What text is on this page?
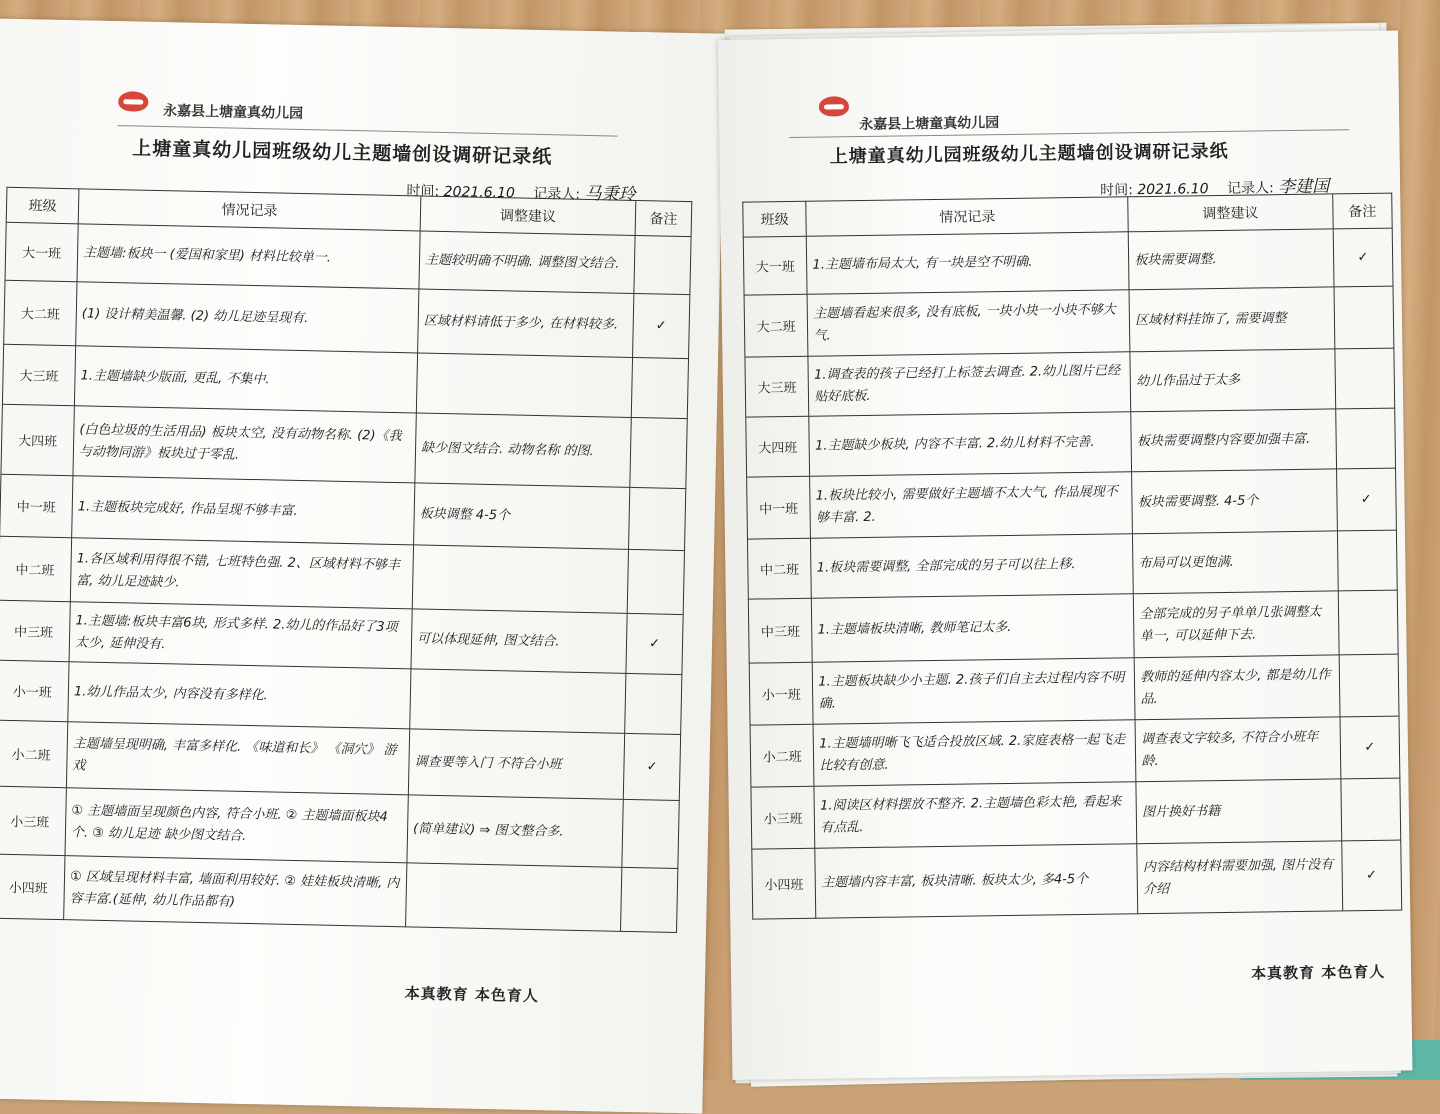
永嘉县上塘童真幼儿园
上塘童真幼儿园班级幼儿主题墙创设调研记录纸
时间: 2021.6.10 记录人: 马秉玲
班级	情况记录	调整建议	备注
大一班	主题墙:板块一 (爱国和家里) 材料比较单一.	主题较明确不明确. 调整图文结合.	
大二班	(1) 设计精美温馨. (2) 幼儿足迹呈现有.	区域材料请低于多少, 在材料较多.	✓
大三班	1.主题墙缺少版面, 更乱, 不集中.		
大四班	(白色垃圾的生活用品) 板块太空, 没有动物名称. (2)《我与动物同游》板块过于零乱.	缺少图文结合. 动物名称 的图.	
中一班	1.主题板块完成好, 作品呈现不够丰富.	板块调整 4-5个	
中二班	1.各区域利用得很不错, 七班特色强. 2、区域材料不够丰富, 幼儿足迹缺少.		
中三班	1.主题墙:板块丰富6块, 形式多样. 2.幼儿的作品好了3项太少, 延伸没有.	可以体现延伸, 图文结合.	✓
小一班	1.幼儿作品太少, 内容没有多样化.		
小二班	主题墙呈现明确, 丰富多样化. 《味道和长》 《洞穴》 游戏	调查要等入门 不符合小班	✓
小三班	① 主题墙面呈现颜色内容, 符合小班. ② 主题墙面板块4个. ③ 幼儿足迹 缺少图文结合.	(简单建议) ⇒ 图文整合多.	
小四班	① 区域呈现材料丰富, 墙面利用较好. ② 娃娃板块清晰, 内容丰富.(延伸, 幼儿作品都有)		
本真教育 本色育人
永嘉县上塘童真幼儿园
上塘童真幼儿园班级幼儿主题墙创设调研记录纸
时间: 2021.6.10 记录人: 李建国
班级	情况记录	调整建议	备注
大一班	1.主题墙布局太大, 有一块是空不明确.	板块需要调整.	✓
大二班	主题墙看起来很多, 没有底板, 一块小块一小块不够大气.	区域材料挂饰了, 需要调整	
大三班	1.调查表的孩子已经打上标签去调查. 2.幼儿图片已经贴好底板.	幼儿作品过于太多	
大四班	1.主题缺少板块, 内容不丰富. 2.幼儿材料不完善.	板块需要调整内容要加强丰富.	
中一班	1.板块比较小, 需要做好主题墙不太大气, 作品展现不够丰富. 2.	板块需要调整. 4-5个	✓
中二班	1.板块需要调整, 全部完成的另子可以往上移.	布局可以更饱满.	
中三班	1.主题墙板块清晰, 教师笔记太多.	全部完成的另子单单几张调整太单一, 可以延伸下去.	
小一班	1.主题板块缺少小主题. 2.孩子们自主去过程内容不明确.	教师的延伸内容太少, 都是幼儿作品.	
小二班	1.主题墙明晰飞飞适合投放区域. 2.家庭表格一起飞走比较有创意.	调查表文字较多, 不符合小班年龄.	✓
小三班	1.阅读区材料摆放不整齐. 2.主题墙色彩太艳, 看起来有点乱.	图片换好书籍	
小四班	主题墙内容丰富, 板块清晰. 板块太少, 多4-5个	内容结构材料需要加强, 图片没有介绍	✓
本真教育 本色育人
